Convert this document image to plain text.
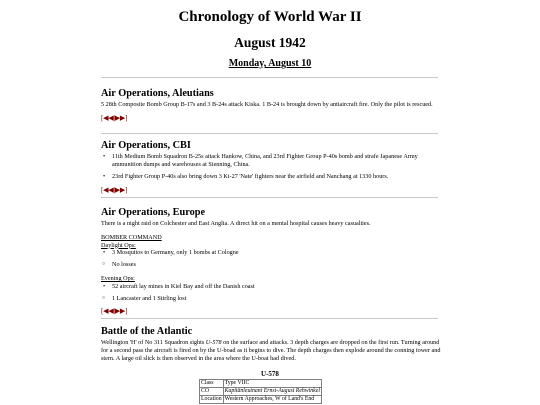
Chronology of World War II
August 1942
Monday, August 10
Air Operations, Aleutians

5 28th Composite Bomb Group B-17s and 3 B-24s attack Kiska. 1 B-24 is brought down by antiaircraft fire. Only the pilot is rescued.

[◀◀|▶▶]
Air Operations, CBI
• 11th Medium Bomb Squadron B-25s attack Hankow, China, and 23rd Fighter Group P-40s bomb and strafe Japanese Army ammunition dumps and warehouses at Sienning, China.
• 23rd Fighter Group P-40s also bring down 3 Ki-27 'Nate' fighters near the airfield and Nanchang at 1330 hours.
[◀◀|▶▶]
Air Operations, Europe

There is a night raid on Colchester and East Anglia. A direct hit on a mental hospital causes heavy casualties.

BOMBER COMMAND
Daylight Ops:
• 3 Mosquitos to Germany, only 1 bombs at Cologne
○ No losses
Evening Ops:
• 52 aircraft lay mines in Kiel Bay and off the Danish coast
○ 1 Lancaster and 1 Stirling lost
[◀◀|▶▶]
Battle of the Atlantic

Wellington 'H' of No 311 Squadron sights U-578 on the surface and attacks. 3 depth charges are dropped on the first run. Turning around for a second pass the aircraft is fired on by the U-boad as it begins to dive. The depth charges then explode around the conning tower and stern. A large oil slick is then observed in the area where the U-boat had dived.

U-578
Class	Type VIIC
CO	Kapitänleutnant Ernst-August Rehwinkel
Location	Western Approaches, W of Land's End
